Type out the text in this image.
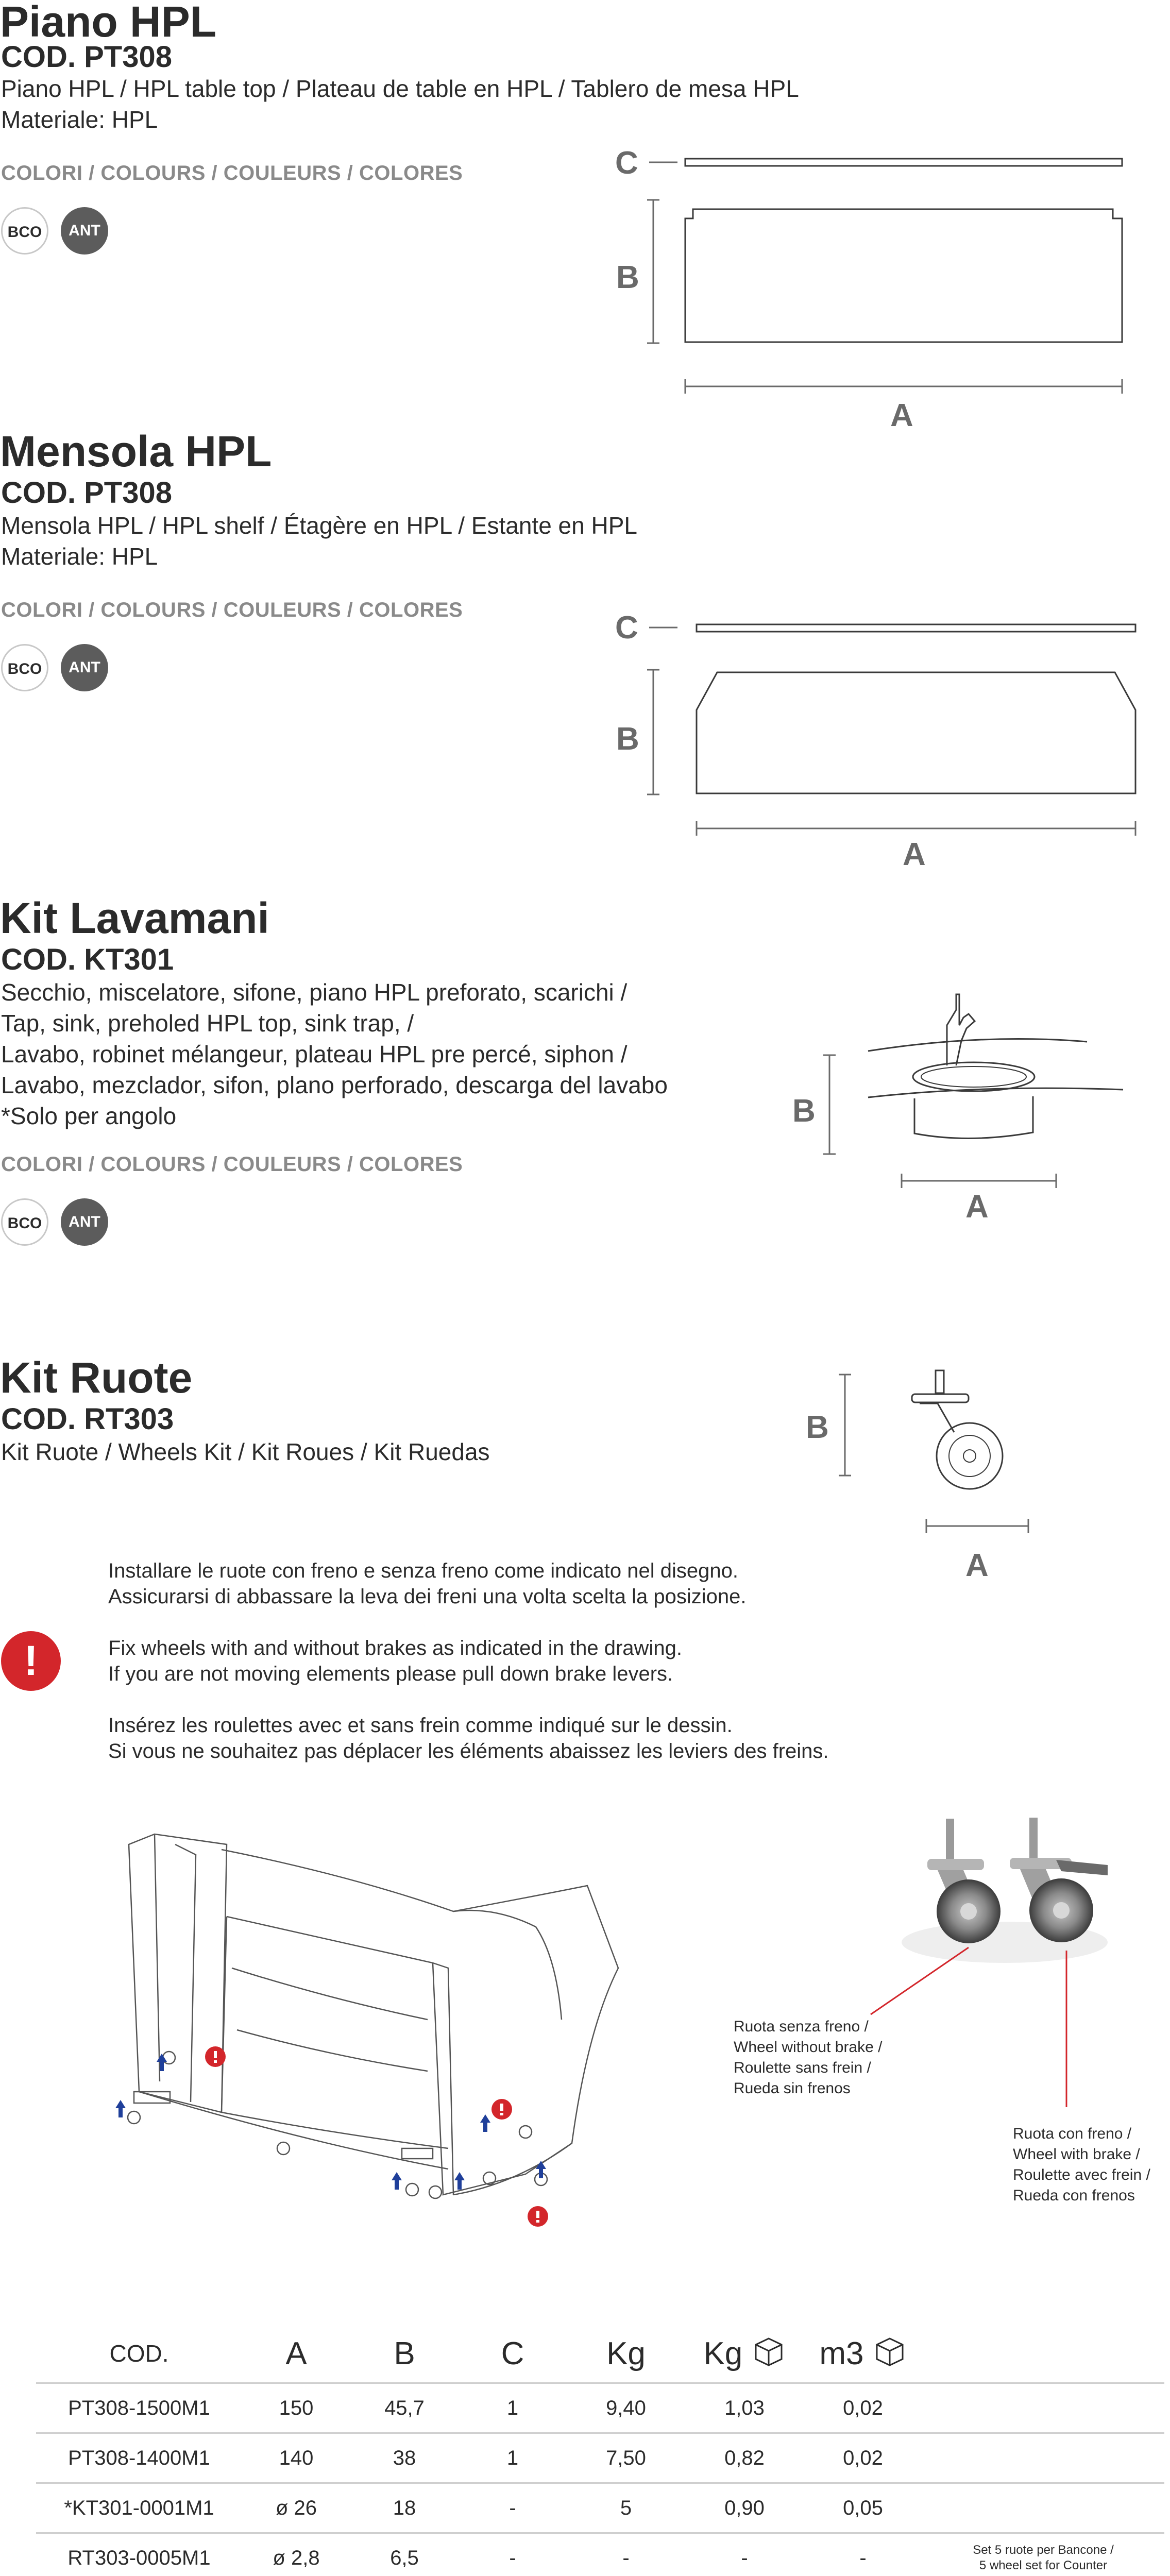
Piano HPL
COD. PT308
Piano HPL / HPL table top / Plateau de table en HPL / Tablero de mesa HPL
Materiale: HPL
COLORI / COLOURS / COULEURS / COLORES
BCO	ANT
C
B
A
Mensola HPL
COD. PT308
Mensola HPL / HPL shelf / Étagère en HPL / Estante en HPL
Materiale: HPL
COLORI / COLOURS / COULEURS / COLORES
BCO	ANT
C
B
A
Kit Lavamani
COD. KT301
Secchio, miscelatore, sifone, piano HPL preforato, scarichi /
Tap, sink, preholed HPL top, sink trap, /
Lavabo, robinet mélangeur, plateau HPL pre percé, siphon /
Lavabo, mezclador, sifon, plano perforado, descarga del lavabo
*Solo per angolo
COLORI / COLOURS / COULEURS / COLORES
BCO	ANT
B
A
Kit Ruote
COD. RT303
Kit Ruote / Wheels Kit / Kit Roues / Kit Ruedas
B
A
!
Installare le ruote con freno e senza freno come indicato nel disegno.
Assicurarsi di abbassare la leva dei freni una volta scelta la posizione.
Fix wheels with and without brakes as indicated in the drawing.
If you are not moving elements please pull down brake levers.
Insérez les roulettes avec et sans frein comme indiqué sur le dessin.
Si vous ne souhaitez pas déplacer les éléments abaissez les leviers des freins.
Ruota senza freno /
Wheel without brake /
Roulette sans frein /
Rueda sin frenos
Ruota con freno /
Wheel with brake /
Roulette avec frein /
Rueda con frenos
COD.	A	B	C	Kg	Kg	m3	
PT308-1500M1	150	45,7	1	9,40	1,03	0,02	
PT308-1400M1	140	38	1	7,50	0,82	0,02	
*KT301-0001M1	ø 26	18	-	5	0,90	0,05	
RT303-0005M1	ø 2,8	6,5	-	-	-	-	Set 5 ruote per Bancone /
5 wheel set for Counter
